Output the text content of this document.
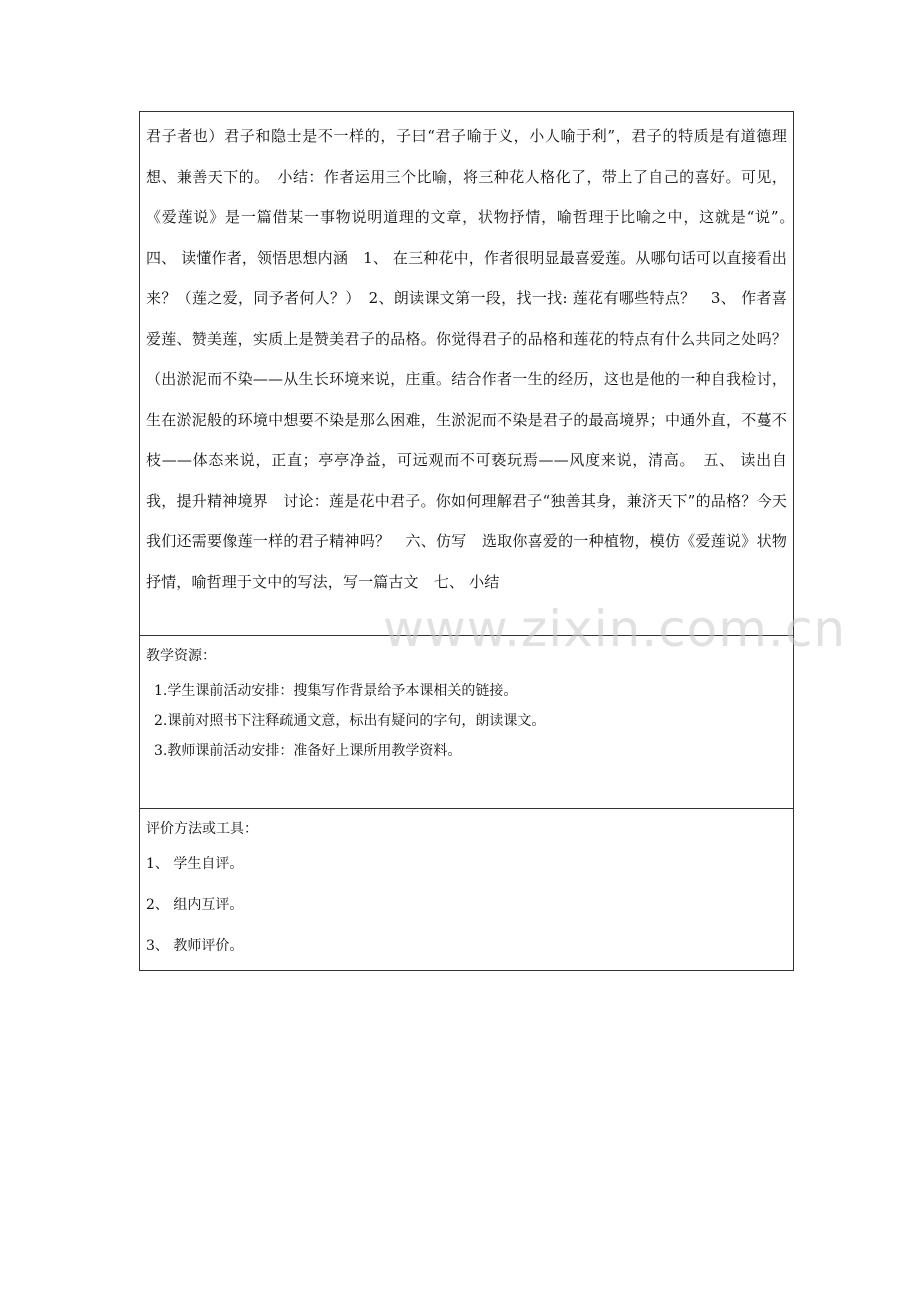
君子者也）君子和隐士是不一样的，子曰“君子喻于义，小人喻于利”，君子的特质是有道德理想、兼善天下的。　小结：作者运用三个比喻，将三种花人格化了，带上了自己的喜好。可见，《爱莲说》是一篇借某一事物说明道理的文章，状物抒情，喻哲理于比喻之中，这就是“说”。　四、 读懂作者，领悟思想内涵　1、 在三种花中，作者很明显最喜爱莲。从哪句话可以直接看出来？（莲之爱，同予者何人？）　2、朗读课文第一段，找一找: 莲花有哪些特点？　3、 作者喜爱莲、赞美莲，实质上是赞美君子的品格。你觉得君子的品格和莲花的特点有什么共同之处吗？（出淤泥而不染——从生长环境来说，庄重。结合作者一生的经历，这也是他的一种自我检讨，生在淤泥般的环境中想要不染是那么困难，生淤泥而不染是君子的最高境界；中通外直，不蔓不枝——体态来说，正直；亭亭净益，可远观而不可亵玩焉——风度来说，清高。　五、 读出自我，提升精神境界　讨论：莲是花中君子。你如何理解君子“独善其身，兼济天下”的品格？今天我们还需要像莲一样的君子精神吗？　六、仿写　选取你喜爱的一种植物，模仿《爱莲说》状物抒情，喻哲理于文中的写法，写一篇古文　七、 小结

教学资源：

1.学生课前活动安排：搜集写作背景给予本课相关的链接。

2.课前对照书下注释疏通文意，标出有疑问的字句，朗读课文。

3.教师课前活动安排：准备好上课所用教学资料。

评价方法或工具：

1、 学生自评。

2、 组内互评。

3、 教师评价。

www.zixin.com.cn
